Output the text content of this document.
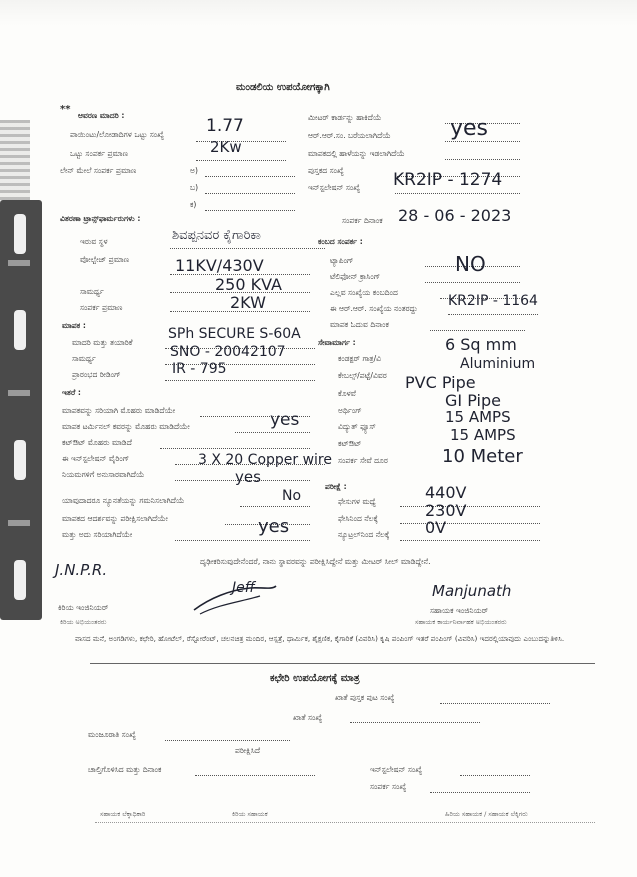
ಮಂಡಲಿಯ ಉಪಯೋಗಕ್ಕಾಗಿ
**
ಆವರಣ ಮಾದರಿ :
ಪಾಯಿಂಟು/ಲೋಡಾದಿಗಳ ಒಟ್ಟು ಸಂಖ್ಯೆ 1.77
ಒಟ್ಟು ಸಂಪರ್ಕ ಪ್ರಮಾಣ	2Kw
ಲೇನ್ ಮೇಲೆ ಸಂಪರ್ಕ ಪ್ರಮಾಣ	ಅ)
ಬ)
ಕ)
ಮೀಟರ್ ಕಾರ್ಡನ್ನು ಹಾಕಿದೆಯೆ
ಆರ್.ಆರ್.ಸಂ. ಬರೆಯಲಾಗಿದೆಯೆ	yes
ಮಾಪಕದಲ್ಲಿ ಹಾಳೆಯನ್ನು ಇಡಲಾಗಿದೆಯೆ
ಪುಸ್ತಕದ ಸಂಖ್ಯೆ
ಇನ್‌ಸ್ಟಲೇಷನ್ ಸಂಖ್ಯೆ KR2IP - 1274
ಸಂಪರ್ಕ ದಿನಾಂಕ 28 - 06 - 2023
ವಿತರಣಾ ಟ್ರಾನ್ಸ್‌ಫಾರ್ಮರುಗಳು :
ಇರುವ ಸ್ಥಳ	ಶಿವಪ್ಪನವರ ಕೈಗಾರಿಕಾ
ವೋಲ್ಟೇಜ್ ಪ್ರಮಾಣ	11KV/430V
ಸಾಮರ್ಥ್ಯ	250 KVA
ಸಂಪರ್ಕ ಪ್ರಮಾಣ	2KW
ಕಂಬದ ಸಂಪರ್ಕ :
ಟ್ಯಾಪಿಂಗ್
ಟೆಲಿಫೋನ್ ಕ್ರಾಸಿಂಗ್
NO
ಎಲ್ಲವ ಸಂಖ್ಯೆಯ ಕಂಬದಿಂದ
ಈ ಆರ್.ಆರ್. ಸಂಖ್ಯೆಯ ನಂತರದ್ದು KR2IP - 1164
ಮಾಪಕ ಓದುವ ದಿನಾಂಕ
ಮಾಪಕ :
ಮಾದರಿ ಮತ್ತು ತಯಾರಿಕೆ
SPh SECURE S-60A
ಸಾಮರ್ಥ್ಯ	SNO - 20042107
ಪ್ರಾರಂಭದ ರೀಡಿಂಗ್	IR - 795
ಸೇವಾಮಾರ್ಗ :
ಕಂಡಕ್ಟರ್ ಗಾತ್ರ/ವಿ
6 Sq mm
ಕೇಬಲ್ಸ್/ಪಟ್ಟೆ/ವಿವರ
Aluminium
ಕೊಳವೆ
PVC Pipe
ಅರ್ಥಿಂಗ್
GI Pipe
ವಿದ್ಯುತ್ ಫ್ಯೂಸ್
15 AMPS
ಕಟ್‌ಔಟ್	15 AMPS
ಸಂಪರ್ಕ ಸೇವೆ ದೂರ	10 Meter
ಪರೀಕ್ಷೆ :
ಫೇಸುಗಳ ಮಧ್ಯೆ	440V
ಫೇಸಿನಿಂದ ನೆಲಕ್ಕೆ	230V
ನ್ಯೂಟ್ರಲ್‌ನಿಂದ ನೆಲಕ್ಕೆ 0V
ಇತರೆ :
ಮಾಪಕವನ್ನು ಸರಿಯಾಗಿ ಮೊಹರು ಮಾಡಿದೆಯೇ
ಮಾಪಕ ಟರ್ಮಿನಲ್ ಕವರನ್ನು ಮೊಹರು ಮಾಡಿದೆಯೇ	yes
ಕಟ್‌ಔಟ್ ಮೊಹರು ಮಾಡಿದೆ
ಈ ಇನ್‌ಸ್ಟಲೇಷನ್ ವೈರಿಂಗ್	3 X 20 Copper wire
ನಿಯಮಗಳಿಗೆ ಅನುಸಾರವಾಗಿದೆಯೆ	yes
ಯಾವುದಾದರೂ ನ್ಯೂನತೆಯನ್ನು ಗಮನಿಸಲಾಗಿದೆಯೆ	No
ಮಾಪಕದ ಆದರ್ಶವನ್ನು ಪರೀಕ್ಷಿಸಲಾಗಿದೆಯೇ
ಮತ್ತು ಅದು ಸರಿಯಾಗಿದೆಯೇ	yes
ದೃಢೀಕರಿಸುವುದೇನೆಂದರೆ, ನಾನು ಸ್ಥಾವರವನ್ನು ಪರೀಕ್ಷಿಸಿದ್ದೇನೆ ಮತ್ತು ಮೀಟರ್ ಸೀಲ್ ಮಾಡಿದ್ದೇನೆ.
J.N.P.R.
Jeff	Manjunath
ಕಿರಿಯ ಇಂಜಿನಿಯರ್	ಸಹಾಯಕ ಇಂಜಿನಿಯರ್
ಕಿರಿಯ ಅಭಿಯಂತರರು	ಸಹಾಯಕ ಕಾರ್ಯನಿರ್ವಾಹಕ ಅಭಿಯಂತರರು
ವಾಸದ ಮನೆ, ಅಂಗಡಿಗಳು, ಕಛೇರಿ, ಹೋಟೆಲ್, ರೆಸ್ಟೋರೆಂಟ್, ಚಲನಚಿತ್ರ ಮಂದಿರ, ಆಸ್ಪತ್ರೆ, ಧಾರ್ಮಿಕ, ಶೈಕ್ಷಣಿಕ, ಕೈಗಾರಿಕೆ (ವಿವರಿಸಿ) ಕೃಷಿ ಪಂಪಿಂಗ್ ಇತರೆ ಪಂಪಿಂಗ್ (ವಿವರಿಸಿ) ಇದರಲ್ಲಿಯಾವುದು ಎಂಬುದನ್ನುತಿಳಿಸಿ.
ಕಛೇರಿ ಉಪಯೋಗಕ್ಕೆ ಮಾತ್ರ
ಖಾತೆ ಪುಸ್ತಕ ಪುಟ ಸಂಖ್ಯೆ
ಖಾತೆ ಸಂಖ್ಯೆ
ಮಂಜೂರಾತಿ ಸಂಖ್ಯೆ
ಪರೀಕ್ಷಿಸಿದೆ
ಚಾಲ್ತಿಗೊಳಿಸಿದ ಮತ್ತು ದಿನಾಂಕ	ಇನ್‌ಸ್ಟಲೇಷನ್ ಸಂಖ್ಯೆ
ಸಂಪರ್ಕ ಸಂಖ್ಯೆ
ಸಹಾಯಕ ಲೆಕ್ಕಾಧಿಕಾರಿ	ಕಿರಿಯ ಸಹಾಯಕ	ಹಿರಿಯ ಸಹಾಯಕ / ಸಹಾಯಕ ಲೆಕ್ಕಿಗರು
